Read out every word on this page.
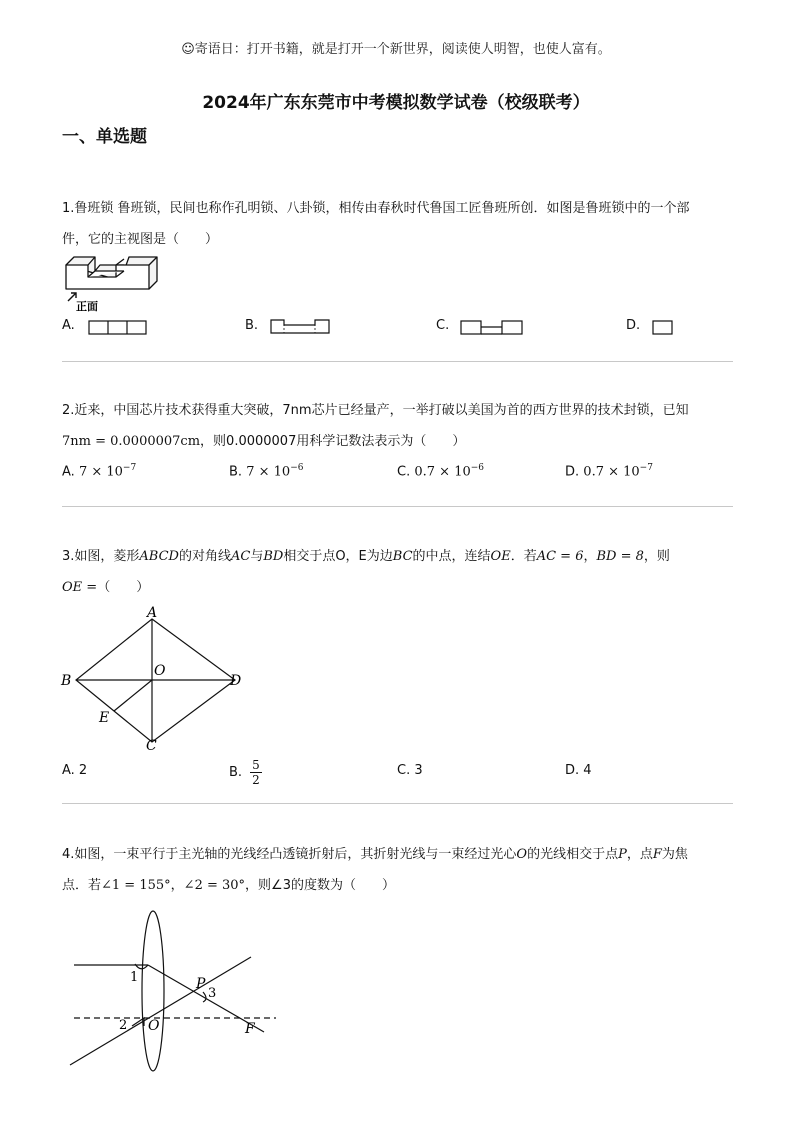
☺寄语日：打开书籍，就是打开一个新世界，阅读使人明智，也使人富有。
2024年广东东莞市中考模拟数学试卷（校级联考）
一、单选题
1.鲁班锁 鲁班锁，民间也称作孔明锁、八卦锁，相传由春秋时代鲁国工匠鲁班所创．如图是鲁班锁中的一个部
件，它的主视图是（　　）
正面
A.	B.	C.	D.
2.近来，中国芯片技术获得重大突破，7nm芯片已经量产，一举打破以美国为首的西方世界的技术封锁，已知
7nm = 0.0000007cm，则0.0000007用科学记数法表示为（　　）
A. $7 \times 10^{-7}$	B. $7 \times 10^{-6}$	C. $0.7 \times 10^{-6}$	D. $0.7 \times 10^{-7}$
3.如图，菱形ABCD的对角线AC与BD相交于点O，E为边BC的中点，连结OE．若AC = 6，BD = 8，则
OE =（　　）
A
B	D
C
O
E
A. 2	B. $\frac{5}{2}$	C. 3	D. 4
4.如图，一束平行于主光轴的光线经凸透镜折射后，其折射光线与一束经过光心O的光线相交于点P，点F为焦
点．若∠1 = 155°，∠2 = 30°，则∠3的度数为（　　）
1
2
3
P
O	F
